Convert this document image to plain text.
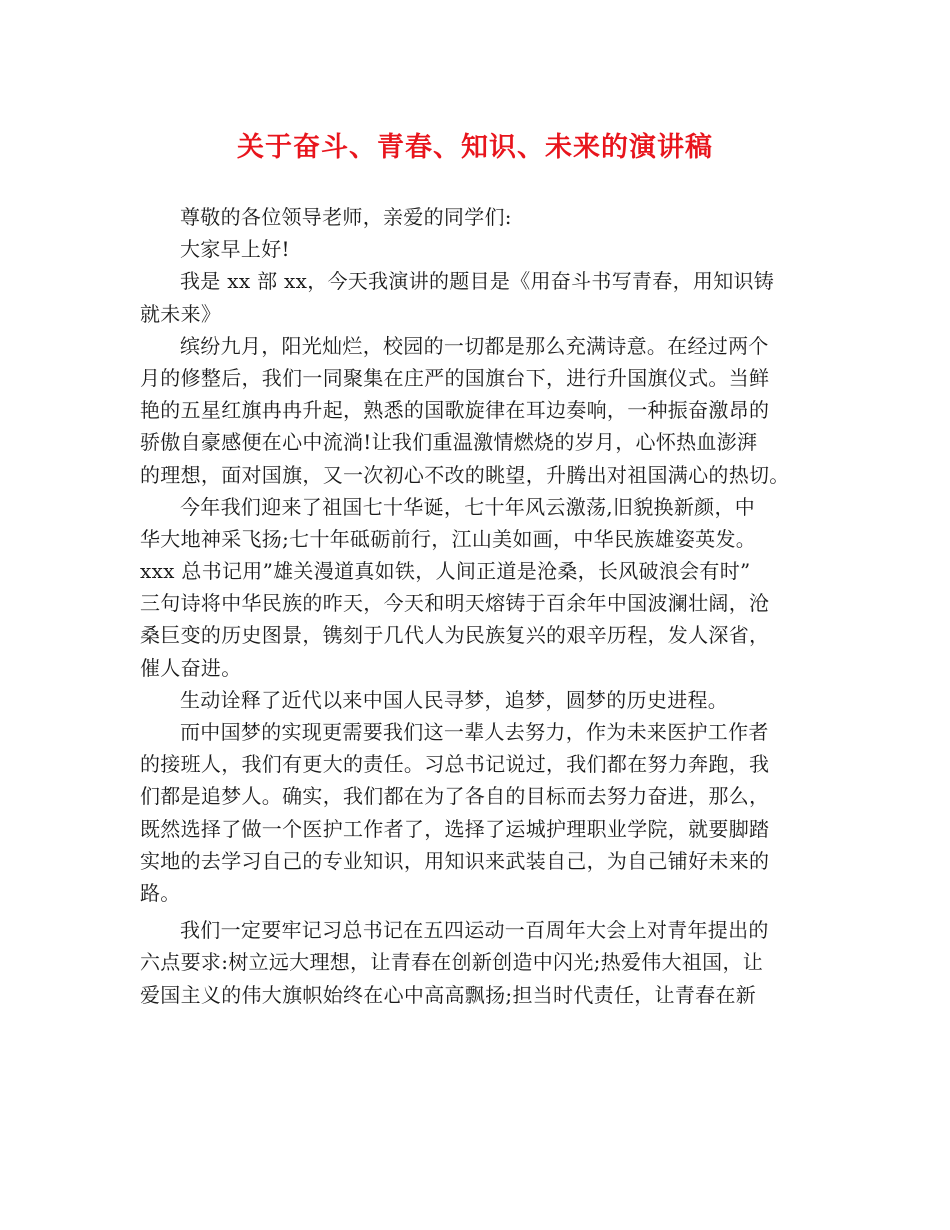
关于奋斗、青春、知识、未来的演讲稿
尊敬的各位领导老师，亲爱的同学们:
大家早上好!
我是 xx 部 xx，今天我演讲的题目是《用奋斗书写青春，用知识铸
就未来》
缤纷九月，阳光灿烂，校园的一切都是那么充满诗意。在经过两个
月的修整后，我们一同聚集在庄严的国旗台下，进行升国旗仪式。当鲜
艳的五星红旗冉冉升起，熟悉的国歌旋律在耳边奏响，一种振奋激昂的
骄傲自豪感便在心中流淌!让我们重温激情燃烧的岁月，心怀热血澎湃
的理想，面对国旗，又一次初心不改的眺望，升腾出对祖国满心的热切。
今年我们迎来了祖国七十华诞，七十年风云激荡,旧貌换新颜，中
华大地神采飞扬;七十年砥砺前行，江山美如画，中华民族雄姿英发。
xxx 总书记用”雄关漫道真如铁，人间正道是沧桑，长风破浪会有时”
三句诗将中华民族的昨天，今天和明天熔铸于百余年中国波澜壮阔，沧
桑巨变的历史图景，镌刻于几代人为民族复兴的艰辛历程，发人深省，
催人奋进。
生动诠释了近代以来中国人民寻梦，追梦，圆梦的历史进程。
而中国梦的实现更需要我们这一辈人去努力，作为未来医护工作者
的接班人，我们有更大的责任。习总书记说过，我们都在努力奔跑，我
们都是追梦人。确实，我们都在为了各自的目标而去努力奋进，那么，
既然选择了做一个医护工作者了，选择了运城护理职业学院，就要脚踏
实地的去学习自己的专业知识，用知识来武装自己，为自己铺好未来的
路。
我们一定要牢记习总书记在五四运动一百周年大会上对青年提出的
六点要求:树立远大理想，让青春在创新创造中闪光;热爱伟大祖国，让
爱国主义的伟大旗帜始终在心中高高飘扬;担当时代责任，让青春在新
